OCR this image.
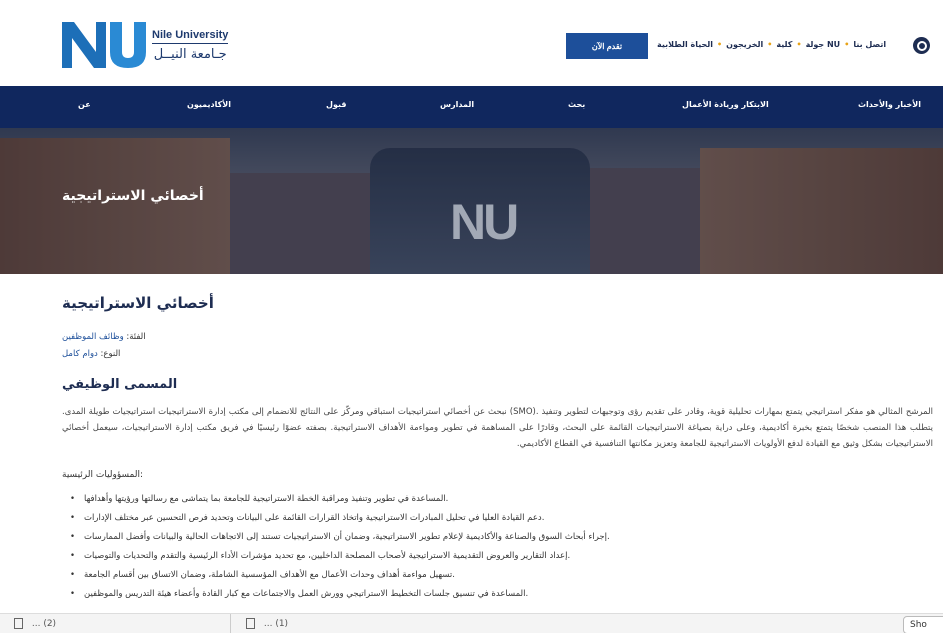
Nile University
جـامعة النيــل
تقدم الآن	اتصل بنا
•
NU جولة
•
كلية
•
الخريجون
•
الحياة الطلابية
الأخبار والأحداث
الابتكار وريادة الأعمال
بحث
المدارس
قبول
الأكاديميون
عن
NU
أخصائي الاستراتيجية
أخصائي الاستراتيجية
الفئة: وظائف الموظفين
النوع: دوام كامل
المسمى الوظيفي

المرشح المثالي هو مفكر استراتيجي يتمتع بمهارات تحليلية قوية، وقادر على تقديم رؤى وتوجيهات لتطوير وتنفيذ .(SMO) نبحث عن أخصائي استراتيجيات استباقي ومركّز على النتائج للانضمام إلى مكتب إدارة الاستراتيجيات استراتيجيات طويلة المدى. يتطلب هذا المنصب شخصًا يتمتع بخبرة أكاديمية، وعلى دراية بصياغة الاستراتيجيات القائمة على البحث، وقادرًا على المساهمة في تطوير ومواءمة الأهداف الاستراتيجية. بصفته عضوًا رئيسيًا في فريق مكتب إدارة الاستراتيجيات، سيعمل أخصائي الاستراتيجيات بشكل وثيق مع القيادة لدفع الأولويات الاستراتيجية للجامعة وتعزيز مكانتها التنافسية في القطاع الأكاديمي.

المسؤوليات الرئيسية:
• المساعدة في تطوير وتنفيذ ومراقبة الخطة الاستراتيجية للجامعة بما يتماشى مع رسالتها ورؤيتها وأهدافها.
• دعم القيادة العليا في تحليل المبادرات الاستراتيجية واتخاذ القرارات القائمة على البيانات وتحديد فرص التحسين عبر مختلف الإدارات.
• إجراء أبحاث السوق والصناعة والأكاديمية لإعلام تطوير الاستراتيجية، وضمان أن الاستراتيجيات تستند إلى الاتجاهات الحالية والبيانات وأفضل الممارسات.
• إعداد التقارير والعروض التقديمية الاستراتيجية لأصحاب المصلحة الداخليين، مع تحديد مؤشرات الأداء الرئيسية والتقدم والتحديات والتوصيات.
• تسهيل مواءمة أهداف وحدات الأعمال مع الأهداف المؤسسية الشاملة، وضمان الاتساق بين أقسام الجامعة.
• المساعدة في تنسيق جلسات التخطيط الاستراتيجي وورش العمل والاجتماعات مع كبار القادة وأعضاء هيئة التدريس والموظفين.
... (2)	... (1)	Sho
